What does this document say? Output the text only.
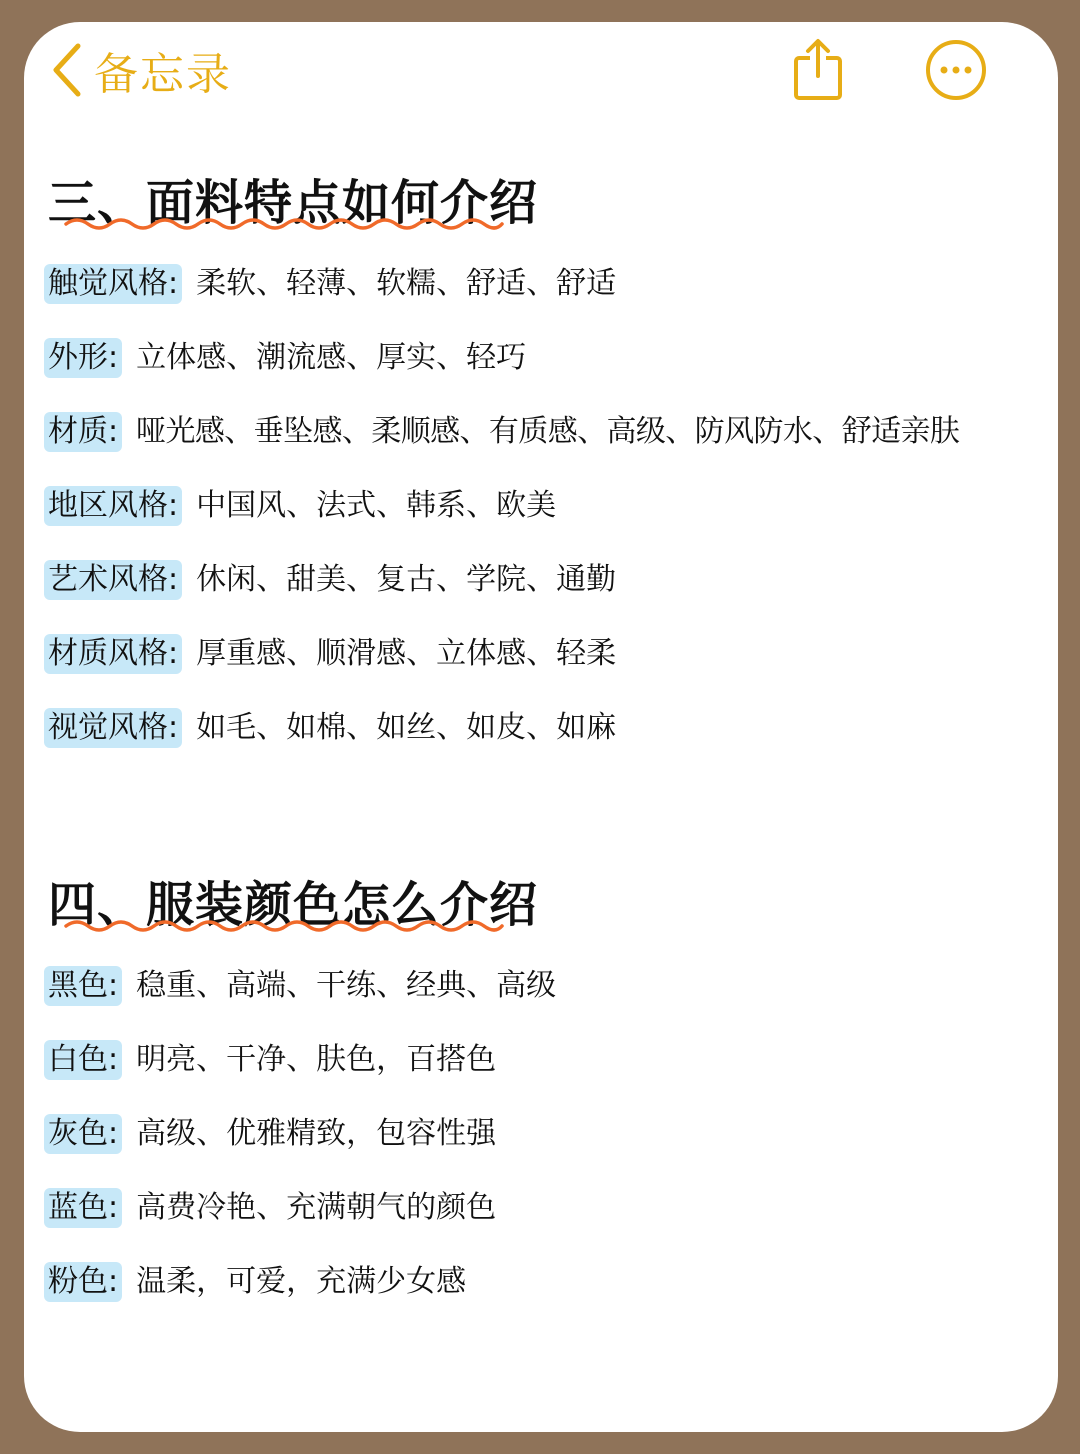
备忘录
三、面料特点如何介绍
触觉风格: 柔软、轻薄、软糯、舒适、舒适
外形: 立体感、潮流感、厚实、轻巧
材质: 哑光感、垂坠感、柔顺感、有质感、高级、防风防水、舒适亲肤
地区风格: 中国风、法式、韩系、欧美
艺术风格: 休闲、甜美、复古、学院、通勤
材质风格: 厚重感、顺滑感、立体感、轻柔
视觉风格: 如毛、如棉、如丝、如皮、如麻
四、服装颜色怎么介绍
黑色: 稳重、高端、干练、经典、高级
白色: 明亮、干净、肤色，百搭色
灰色: 高级、优雅精致，包容性强
蓝色: 高费冷艳、充满朝气的颜色
粉色: 温柔，可爱，充满少女感
